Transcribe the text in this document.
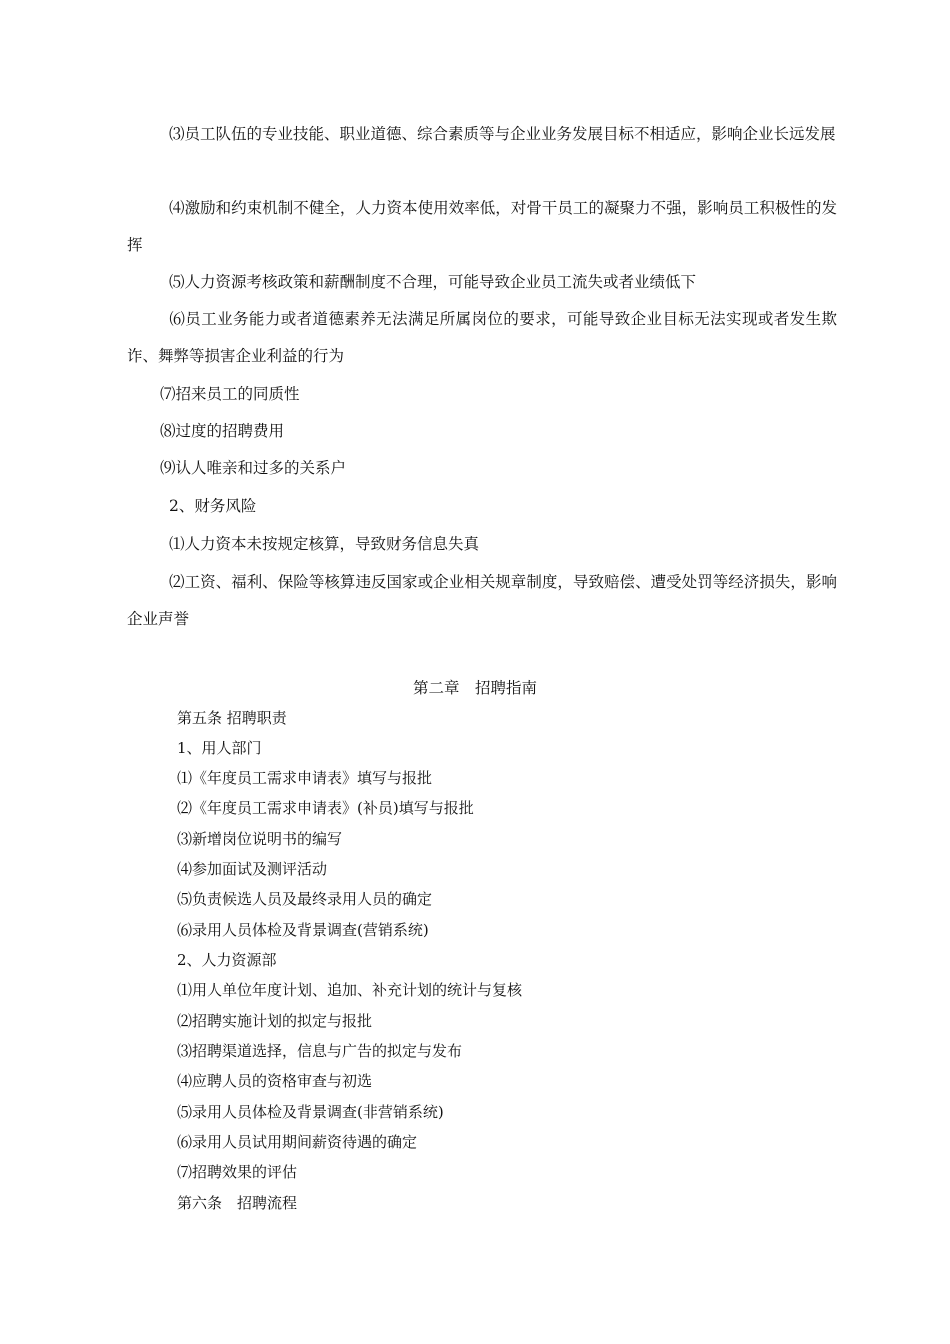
⑶员工队伍的专业技能、职业道德、综合素质等与企业业务发展目标不相适应，影响企业长远发展

⑷激励和约束机制不健全，人力资本使用效率低，对骨干员工的凝聚力不强，影响员工积极性的发挥

⑸人力资源考核政策和薪酬制度不合理，可能导致企业员工流失或者业绩低下

⑹员工业务能力或者道德素养无法满足所属岗位的要求，可能导致企业目标无法实现或者发生欺诈、舞弊等损害企业利益的行为

⑺招来员工的同质性

⑻过度的招聘费用

⑼认人唯亲和过多的关系户

2、财务风险

⑴人力资本未按规定核算，导致财务信息失真

⑵工资、福利、保险等核算违反国家或企业相关规章制度，导致赔偿、遭受处罚等经济损失，影响企业声誉

第二章　招聘指南

第五条 招聘职责

1、用人部门

⑴《年度员工需求申请表》填写与报批

⑵《年度员工需求申请表》(补员)填写与报批

⑶新增岗位说明书的编写

⑷参加面试及测评活动

⑸负责候选人员及最终录用人员的确定

⑹录用人员体检及背景调查(营销系统)

2、人力资源部

⑴用人单位年度计划、追加、补充计划的统计与复核

⑵招聘实施计划的拟定与报批

⑶招聘渠道选择，信息与广告的拟定与发布

⑷应聘人员的资格审查与初选

⑸录用人员体检及背景调查(非营销系统)

⑹录用人员试用期间薪资待遇的确定

⑺招聘效果的评估

第六条　招聘流程
